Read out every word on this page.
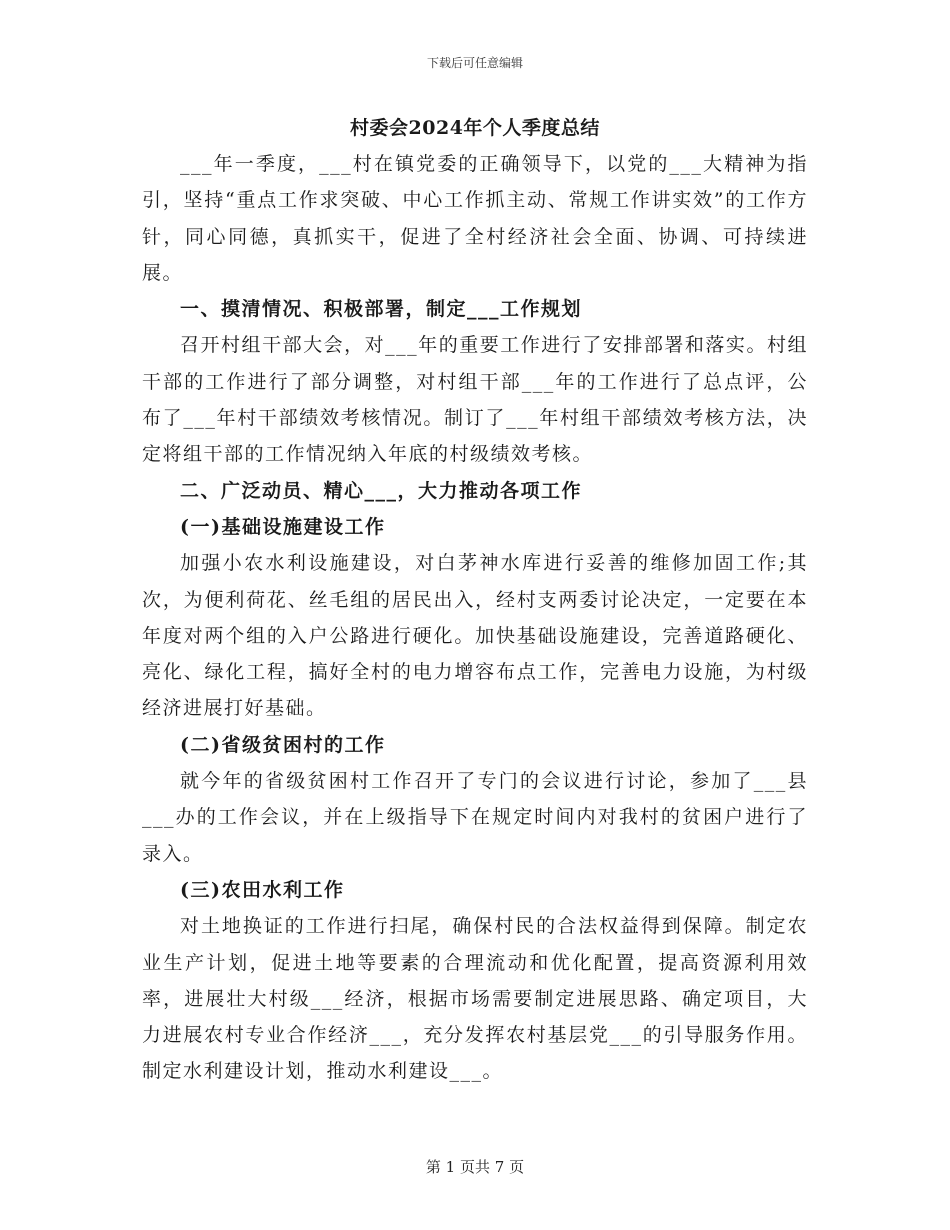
下载后可任意编辑
村委会2024年个人季度总结

___年一季度，___村在镇党委的正确领导下，以党的___大精神为指引，坚持“重点工作求突破、中心工作抓主动、常规工作讲实效”的工作方针，同心同德，真抓实干，促进了全村经济社会全面、协调、可持续进展。

一、摸清情况、积极部署，制定___工作规划

召开村组干部大会，对___年的重要工作进行了安排部署和落实。村组干部的工作进行了部分调整，对村组干部___年的工作进行了总点评，公布了___年村干部绩效考核情况。制订了___年村组干部绩效考核方法，决定将组干部的工作情况纳入年底的村级绩效考核。

二、广泛动员、精心___，大力推动各项工作

(一)基础设施建设工作

加强小农水利设施建设，对白茅神水库进行妥善的维修加固工作;其次，为便利荷花、丝毛组的居民出入，经村支两委讨论决定，一定要在本年度对两个组的入户公路进行硬化。加快基础设施建设，完善道路硬化、亮化、绿化工程，搞好全村的电力增容布点工作，完善电力设施，为村级经济进展打好基础。

(二)省级贫困村的工作

就今年的省级贫困村工作召开了专门的会议进行讨论，参加了___县___办的工作会议，并在上级指导下在规定时间内对我村的贫困户进行了录入。

(三)农田水利工作

对土地换证的工作进行扫尾，确保村民的合法权益得到保障。制定农业生产计划，促进土地等要素的合理流动和优化配置，提高资源利用效率，进展壮大村级___经济，根据市场需要制定进展思路、确定项目，大力进展农村专业合作经济___，充分发挥农村基层党___的引导服务作用。制定水利建设计划，推动水利建设___。

第 1 页共 7 页
